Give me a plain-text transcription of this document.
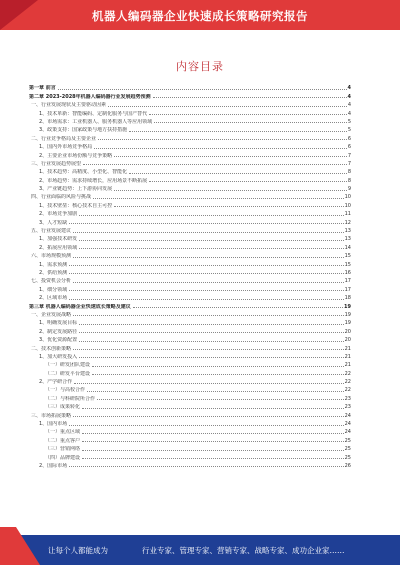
机器人编码器企业快速成长策略研究报告
内容目录
第一章 前言	4
第二章 2023-2028年机器人编码器行业发展趋势预测	4
一、行业发展现状及主要驱动因素	4
1、技术革新：智能编码、定制化服务与国产替代	4
2、市场需求：工业机器人、服务机器人等应用领域	5
3、政策支持：国家政策与地方扶持措施	5
二、行业竞争格局及主要企业	6
1、国内外市场竞争格局	6
2、主要企业市场份额与竞争策略	7
三、行业发展趋势展望	7
1、技术趋势：高精度、小型化、智能化	8
2、市场趋势：需求持续增长，应用场景不断拓展	8
3、产业链趋势：上下游协同发展	9
四、行业面临的风险与挑战	10
1、技术壁垒：核心技术自主可控	10
2、市场竞争加剧	11
3、人才短缺	12
五、行业发展建议	13
1、加强技术研发	13
2、拓展应用领域	14
六、市场规模预测	15
1、需求预测	15
2、供给预测	16
七、投资机会分析	17
1、细分领域	17
2、区域市场	18
第三章 机器人编码器企业快速成长策略及建议	19
一、企业发展战略	19
1、明确发展目标	19
2、制定发展路径	20
3、优化资源配置	20
二、技术创新策略	21
1、加大研发投入	21
（一）研发团队建设	21
（二）研发平台建设	22
2、产学研合作	22
（一）与高校合作	22
（二）与科研院所合作	23
（三）成果转化	23
三、市场拓展策略	24
1、国内市场	24
（一）重点区域	24
（二）重点客户	25
（三）营销网络	25
（四）品牌建设	25
2、国际市场	26
让每个人都能成为	行业专家、管理专家、营销专家、战略专家、成功企业家……
